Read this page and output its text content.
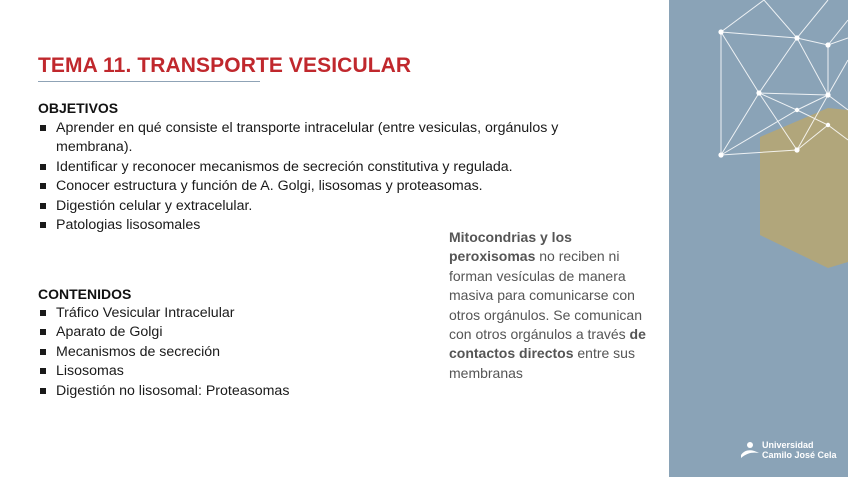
TEMA 11. TRANSPORTE VESICULAR
OBJETIVOS
Aprender en qué consiste el transporte intracelular (entre vesiculas, orgánulos y membrana).
Identificar y reconocer mecanismos de secreción constitutiva y regulada.
Conocer estructura y función de A. Golgi, lisosomas y proteasomas.
Digestión celular y extracelular.
Patologias lisosomales
CONTENIDOS
Tráfico Vesicular Intracelular
Aparato de Golgi
Mecanismos de secreción
Lisosomas
Digestión no lisosomal: Proteasomas
Mitocondrias y los peroxisomas no reciben ni forman vesículas de manera masiva para comunicarse con otros orgánulos. Se comunican con otros orgánulos a través de contactos directos entre sus membranas
Universidad
Camilo José Cela
